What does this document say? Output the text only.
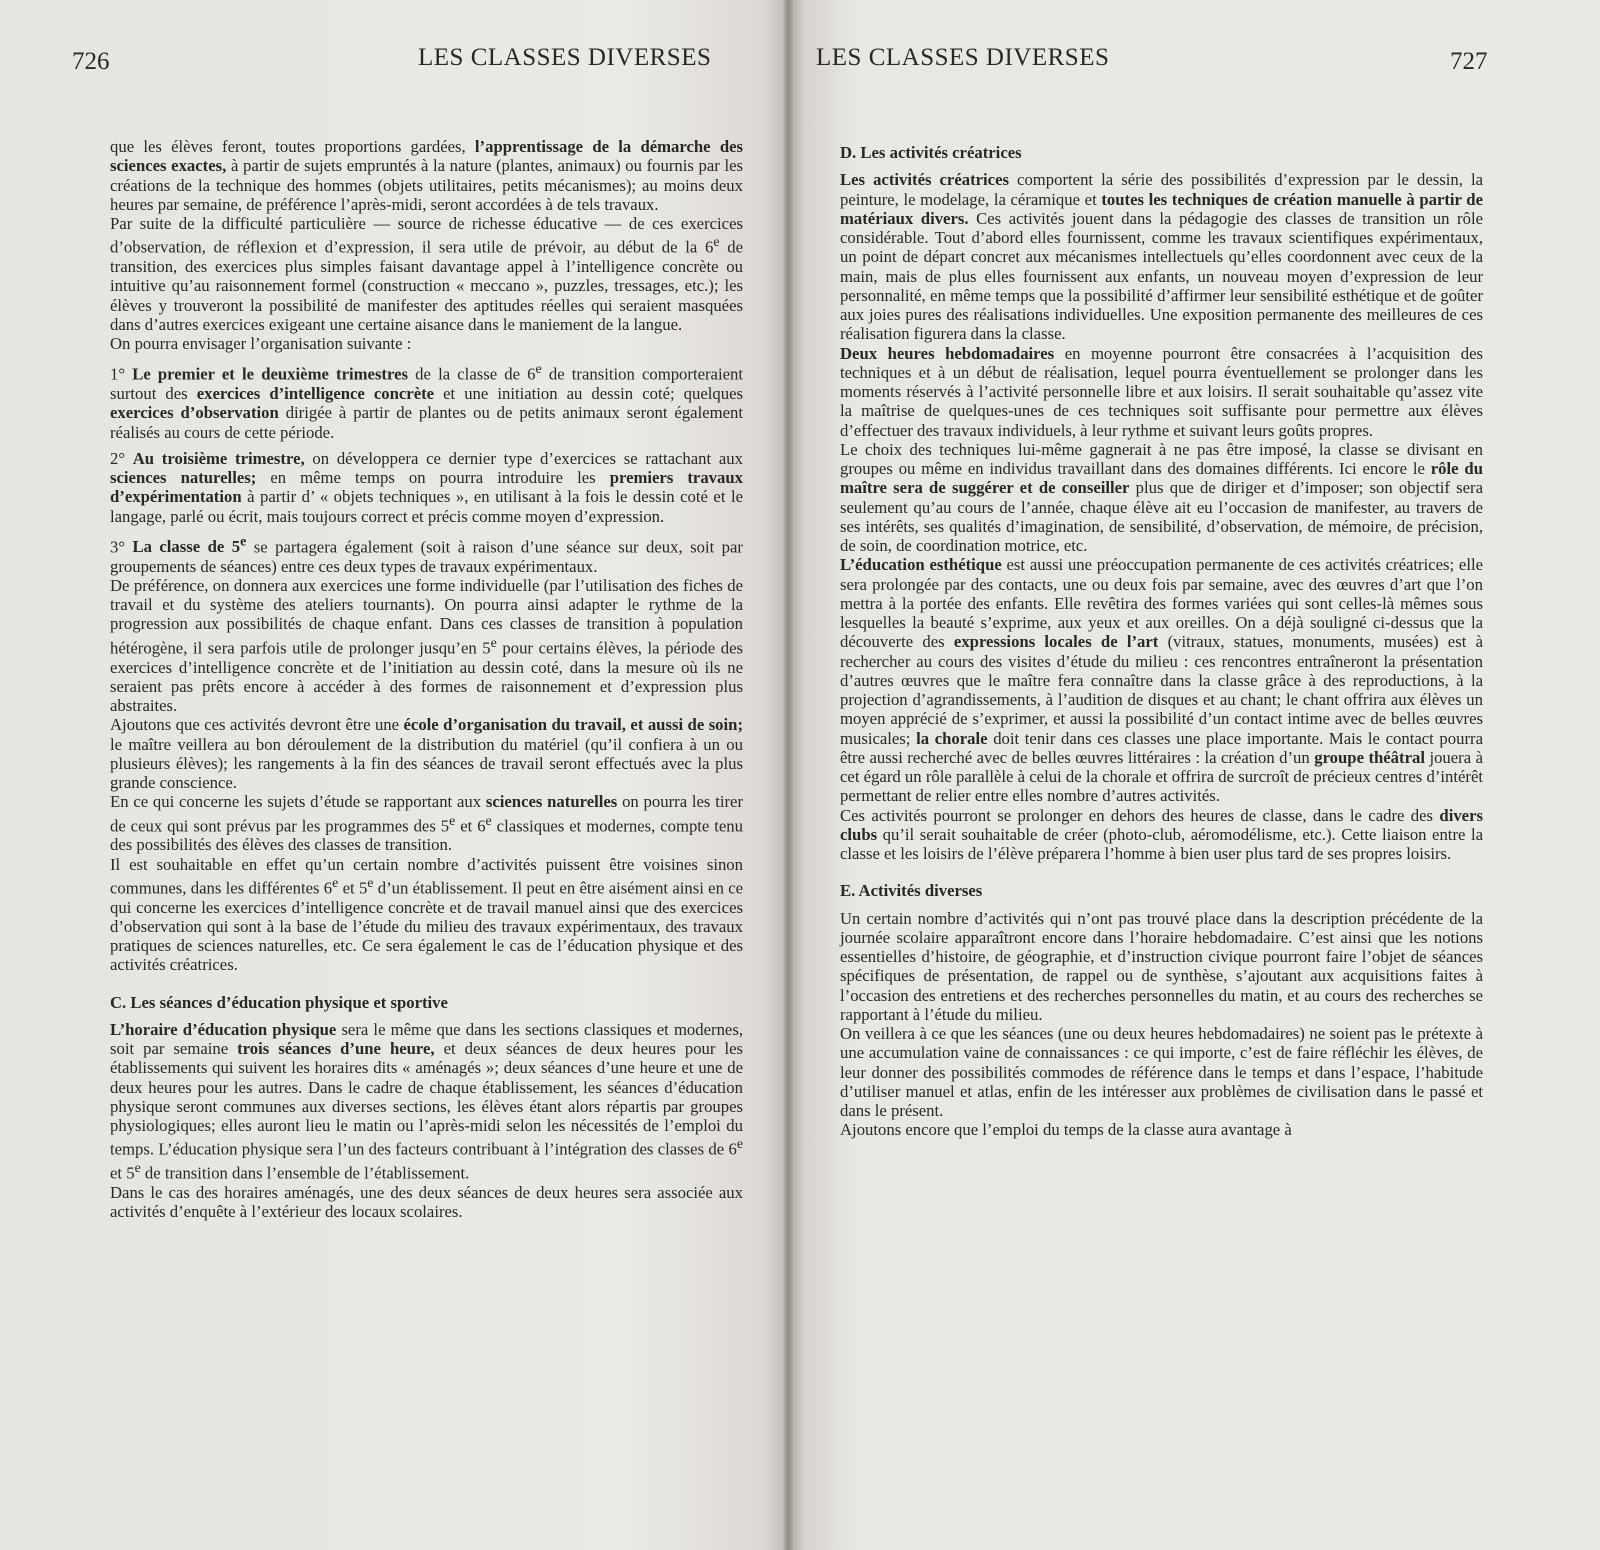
726	LES CLASSES DIVERSES

que les élèves feront, toutes proportions gardées, l’apprentissage de la démarche des sciences exactes, à partir de sujets empruntés à la nature (plantes, animaux) ou fournis par les créations de la technique des hommes (objets utilitaires, petits mécanismes); au moins deux heures par semaine, de préférence l’après-midi, seront accordées à de tels travaux.

Par suite de la difficulté particulière — source de richesse éducative — de ces exercices d’observation, de réflexion et d’expression, il sera utile de prévoir, au début de la 6e de transition, des exercices plus simples faisant davantage appel à l’intelligence concrète ou intuitive qu’au raisonnement formel (construction « meccano », puzzles, tressages, etc.); les élèves y trouveront la possibilité de manifester des aptitudes réelles qui seraient masquées dans d’autres exercices exigeant une certaine aisance dans le maniement de la langue.

On pourra envisager l’organisation suivante :

1° Le premier et le deuxième trimestres de la classe de 6e de transition comporteraient surtout des exercices d’intelligence concrète et une initiation au dessin coté; quelques exercices d’observation dirigée à partir de plantes ou de petits animaux seront également réalisés au cours de cette période.

2° Au troisième trimestre, on développera ce dernier type d’exercices se rattachant aux sciences naturelles; en même temps on pourra introduire les premiers travaux d’expérimentation à partir d’ « objets techniques », en utilisant à la fois le dessin coté et le langage, parlé ou écrit, mais toujours correct et précis comme moyen d’expression.

3° La classe de 5e se partagera également (soit à raison d’une séance sur deux, soit par groupements de séances) entre ces deux types de travaux expérimentaux.

De préférence, on donnera aux exercices une forme individuelle (par l’utilisation des fiches de travail et du système des ateliers tournants). On pourra ainsi adapter le rythme de la progression aux possibilités de chaque enfant. Dans ces classes de transition à population hétérogène, il sera parfois utile de prolonger jusqu’en 5e pour certains élèves, la période des exercices d’intelligence concrète et de l’initiation au dessin coté, dans la mesure où ils ne seraient pas prêts encore à accéder à des formes de raisonnement et d’expression plus abstraites.

Ajoutons que ces activités devront être une école d’organisation du travail, et aussi de soin; le maître veillera au bon déroulement de la distribution du matériel (qu’il confiera à un ou plusieurs élèves); les rangements à la fin des séances de travail seront effectués avec la plus grande conscience.

En ce qui concerne les sujets d’étude se rapportant aux sciences naturelles on pourra les tirer de ceux qui sont prévus par les programmes des 5e et 6e classiques et modernes, compte tenu des possibilités des élèves des classes de transition.

Il est souhaitable en effet qu’un certain nombre d’activités puissent être voisines sinon communes, dans les différentes 6e et 5e d’un établissement. Il peut en être aisément ainsi en ce qui concerne les exercices d’intelligence concrète et de travail manuel ainsi que des exercices d’observation qui sont à la base de l’étude du milieu des travaux expérimentaux, des travaux pratiques de sciences naturelles, etc. Ce sera également le cas de l’éducation physique et des activités créatrices.

C. Les séances d’éducation physique et sportive

L’horaire d’éducation physique sera le même que dans les sections classiques et modernes, soit par semaine trois séances d’une heure, et deux séances de deux heures pour les établissements qui suivent les horaires dits « aménagés »; deux séances d’une heure et une de deux heures pour les autres. Dans le cadre de chaque établissement, les séances d’éducation physique seront communes aux diverses sections, les élèves étant alors répartis par groupes physiologiques; elles auront lieu le matin ou l’après-midi selon les nécessités de l’emploi du temps. L’éducation physique sera l’un des facteurs contribuant à l’intégration des classes de 6e et 5e de transition dans l’ensemble de l’établissement.

Dans le cas des horaires aménagés, une des deux séances de deux heures sera associée aux activités d’enquête à l’extérieur des locaux scolaires.

LES CLASSES DIVERSES	727
D. Les activités créatrices

Les activités créatrices comportent la série des possibilités d’expression par le dessin, la peinture, le modelage, la céramique et toutes les techniques de création manuelle à partir de matériaux divers. Ces activités jouent dans la pédagogie des classes de transition un rôle considérable. Tout d’abord elles fournissent, comme les travaux scientifiques expérimentaux, un point de départ concret aux mécanismes intellectuels qu’elles coordonnent avec ceux de la main, mais de plus elles fournissent aux enfants, un nouveau moyen d’expression de leur personnalité, en même temps que la possibilité d’affirmer leur sensibilité esthétique et de goûter aux joies pures des réalisations individuelles. Une exposition permanente des meilleures de ces réalisation figurera dans la classe.

Deux heures hebdomadaires en moyenne pourront être consacrées à l’acquisition des techniques et à un début de réalisation, lequel pourra éventuellement se prolonger dans les moments réservés à l’activité personnelle libre et aux loisirs. Il serait souhaitable qu’assez vite la maîtrise de quelques-unes de ces techniques soit suffisante pour permettre aux élèves d’effectuer des travaux individuels, à leur rythme et suivant leurs goûts propres.

Le choix des techniques lui-même gagnerait à ne pas être imposé, la classe se divisant en groupes ou même en individus travaillant dans des domaines différents. Ici encore le rôle du maître sera de suggérer et de conseiller plus que de diriger et d’imposer; son objectif sera seulement qu’au cours de l’année, chaque élève ait eu l’occasion de manifester, au travers de ses intérêts, ses qualités d’imagination, de sensibilité, d’observation, de mémoire, de précision, de soin, de coordination motrice, etc.

L’éducation esthétique est aussi une préoccupation permanente de ces activités créatrices; elle sera prolongée par des contacts, une ou deux fois par semaine, avec des œuvres d’art que l’on mettra à la portée des enfants. Elle revêtira des formes variées qui sont celles-là mêmes sous lesquelles la beauté s’exprime, aux yeux et aux oreilles. On a déjà souligné ci-dessus que la découverte des expressions locales de l’art (vitraux, statues, monuments, musées) est à rechercher au cours des visites d’étude du milieu : ces rencontres entraîneront la présentation d’autres œuvres que le maître fera connaître dans la classe grâce à des reproductions, à la projection d’agrandissements, à l’audition de disques et au chant; le chant offrira aux élèves un moyen apprécié de s’exprimer, et aussi la possibilité d’un contact intime avec de belles œuvres musicales; la chorale doit tenir dans ces classes une place importante. Mais le contact pourra être aussi recherché avec de belles œuvres littéraires : la création d’un groupe théâtral jouera à cet égard un rôle parallèle à celui de la chorale et offrira de surcroît de précieux centres d’intérêt permettant de relier entre elles nombre d’autres activités.

Ces activités pourront se prolonger en dehors des heures de classe, dans le cadre des divers clubs qu’il serait souhaitable de créer (photo-club, aéromodélisme, etc.). Cette liaison entre la classe et les loisirs de l’élève préparera l’homme à bien user plus tard de ses propres loisirs.

E. Activités diverses

Un certain nombre d’activités qui n’ont pas trouvé place dans la description précédente de la journée scolaire apparaîtront encore dans l’horaire hebdomadaire. C’est ainsi que les notions essentielles d’histoire, de géographie, et d’instruction civique pourront faire l’objet de séances spécifiques de présentation, de rappel ou de synthèse, s’ajoutant aux acquisitions faites à l’occasion des entretiens et des recherches personnelles du matin, et au cours des recherches se rapportant à l’étude du milieu.

On veillera à ce que les séances (une ou deux heures hebdomadaires) ne soient pas le prétexte à une accumulation vaine de connaissances : ce qui importe, c’est de faire réfléchir les élèves, de leur donner des possibilités commodes de référence dans le temps et dans l’espace, l’habitude d’utiliser manuel et atlas, enfin de les intéresser aux problèmes de civilisation dans le passé et dans le présent.

Ajoutons encore que l’emploi du temps de la classe aura avantage à
